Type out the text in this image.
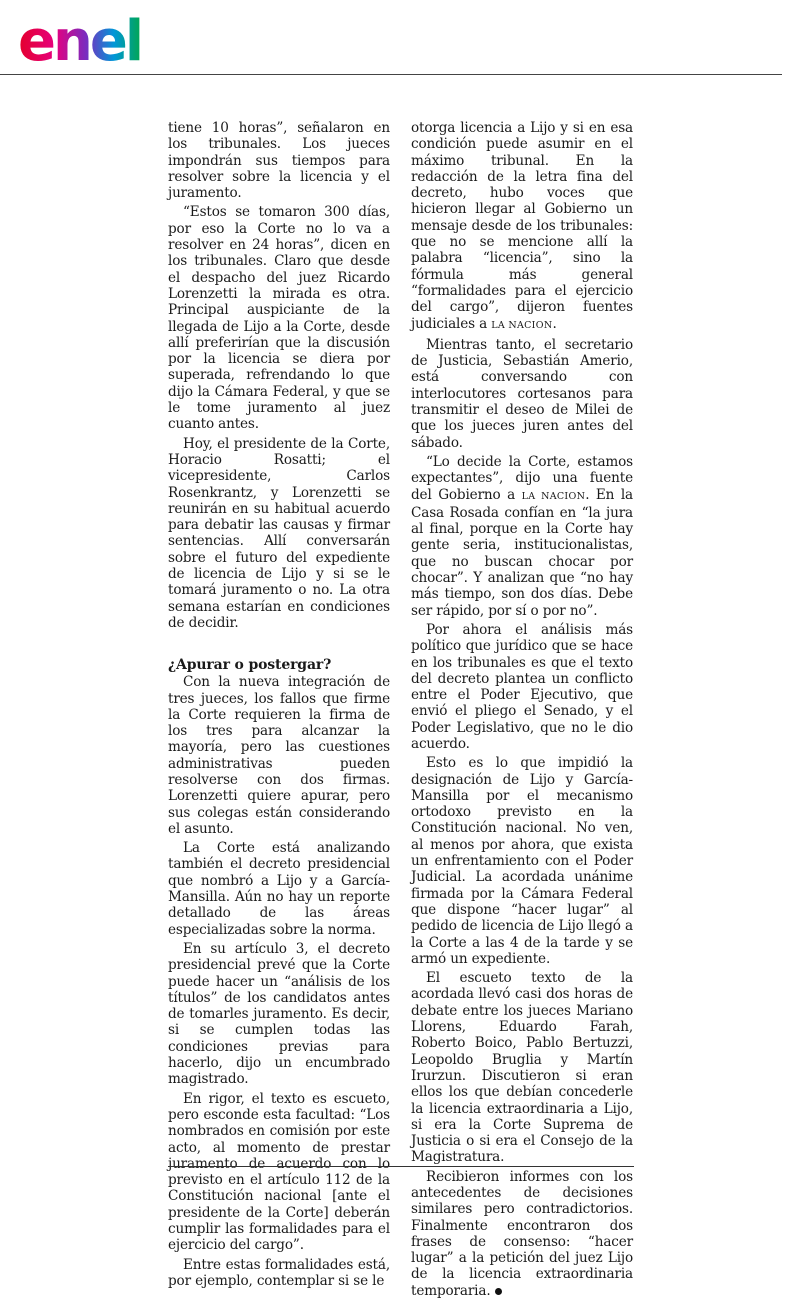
enel

tiene 10 horas”, señalaron en los tribunales. Los jueces impondrán sus tiempos para resolver sobre la licencia y el juramento.

“Estos se tomaron 300 días, por eso la Corte no lo va a resolver en 24 horas”, dicen en los tribunales. Claro que desde el despacho del juez Ricardo Lorenzetti la mirada es otra. Principal auspiciante de la llegada de Lijo a la Corte, desde allí preferirían que la discusión por la licencia se diera por superada, refrendando lo que dijo la Cámara Federal, y que se le tome juramento al juez cuanto antes.

Hoy, el presidente de la Corte, Horacio Rosatti; el vicepresidente, Carlos Rosenkrantz, y Lorenzetti se reunirán en su habitual acuerdo para debatir las causas y firmar sentencias. Allí conversarán sobre el futuro del expediente de licencia de Lijo y si se le tomará juramento o no. La otra semana estarían en condiciones de decidir.

¿Apurar o postergar?

Con la nueva integración de tres jueces, los fallos que firme la Corte requieren la firma de los tres para alcanzar la mayoría, pero las cuestiones administrativas pueden resolverse con dos firmas. Lorenzetti quiere apurar, pero sus colegas están considerando el asunto.

La Corte está analizando también el decreto presidencial que nombró a Lijo y a García-Mansilla. Aún no hay un reporte detallado de las áreas especializadas sobre la norma.

En su artículo 3, el decreto presidencial prevé que la Corte puede hacer un “análisis de los títulos” de los candidatos antes de tomarles juramento. Es decir, si se cumplen todas las condiciones previas para hacerlo, dijo un encumbrado magistrado.

En rigor, el texto es escueto, pero esconde esta facultad: “Los nombrados en comisión por este acto, al momento de prestar juramento de acuerdo con lo previsto en el artículo 112 de la Constitución nacional [ante el presidente de la Corte] deberán cumplir las formalidades para el ejercicio del cargo”.

Entre estas formalidades está, por ejemplo, contemplar si se le

otorga licencia a Lijo y si en esa condición puede asumir en el máximo tribunal. En la redacción de la letra fina del decreto, hubo voces que hicieron llegar al Gobierno un mensaje desde de los tribunales: que no se mencione allí la palabra “licencia”, sino la fórmula más general “formalidades para el ejercicio del cargo”, dijeron fuentes judiciales a LA NACION.

Mientras tanto, el secretario de Justicia, Sebastián Amerio, está conversando con interlocutores cortesanos para transmitir el deseo de Milei de que los jueces juren antes del sábado.

“Lo decide la Corte, estamos expectantes”, dijo una fuente del Gobierno a LA NACION. En la Casa Rosada confían en “la jura al final, porque en la Corte hay gente seria, institucionalistas, que no buscan chocar por chocar”. Y analizan que “no hay más tiempo, son dos días. Debe ser rápido, por sí o por no”.

Por ahora el análisis más político que jurídico que se hace en los tribunales es que el texto del decreto plantea un conflicto entre el Poder Ejecutivo, que envió el pliego el Senado, y el Poder Legislativo, que no le dio acuerdo.

Esto es lo que impidió la designación de Lijo y García-Mansilla por el mecanismo ortodoxo previsto en la Constitución nacional. No ven, al menos por ahora, que exista un enfrentamiento con el Poder Judicial. La acordada unánime firmada por la Cámara Federal que dispone “hacer lugar” al pedido de licencia de Lijo llegó a la Corte a las 4 de la tarde y se armó un expediente.

El escueto texto de la acordada llevó casi dos horas de debate entre los jueces Mariano Llorens, Eduardo Farah, Roberto Boico, Pablo Bertuzzi, Leopoldo Bruglia y Martín Irurzun. Discutieron si eran ellos los que debían concederle la licencia extraordinaria a Lijo, si era la Corte Suprema de Justicia o si era el Consejo de la Magistratura.

Recibieron informes con los antecedentes de decisiones similares pero contradictorios. Finalmente encontraron dos frases de consenso: “hacer lugar” a la petición del juez Lijo de la licencia extraordinaria temporaria.
